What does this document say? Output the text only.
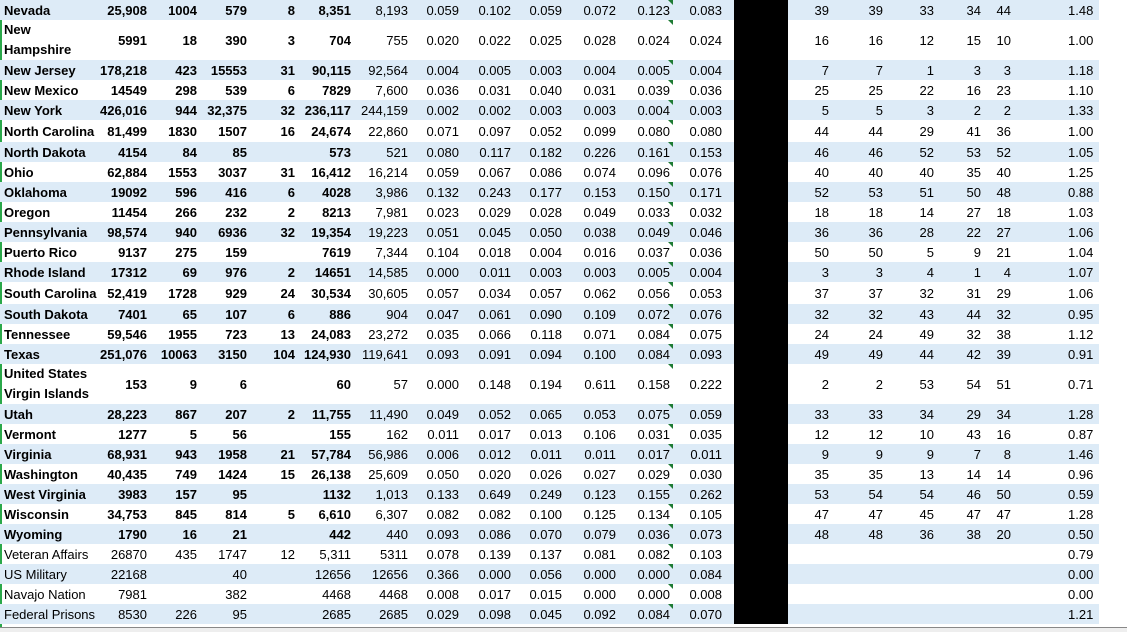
Nevada	25,908	1004	579	8	8,351	8,193	0.059	0.102	0.059	0.072	0.123	0.083			39	39	33	34	44		1.48
New Hampshire	5991	18	390	3	704	755	0.020	0.022	0.025	0.028	0.024	0.024			16	16	12	15	10		1.00
New Jersey	178,218	423	15553	31	90,115	92,564	0.004	0.005	0.003	0.004	0.005	0.004			7	7	1	3	3		1.18
New Mexico	14549	298	539	6	7829	7,600	0.036	0.031	0.040	0.031	0.039	0.036			25	25	22	16	23		1.10
New York	426,016	944	32,375	32	236,117	244,159	0.002	0.002	0.003	0.003	0.004	0.003			5	5	3	2	2		1.33
North Carolina	81,499	1830	1507	16	24,674	22,860	0.071	0.097	0.052	0.099	0.080	0.080			44	44	29	41	36		1.00
North Dakota	4154	84	85		573	521	0.080	0.117	0.182	0.226	0.161	0.153			46	46	52	53	52		1.05
Ohio	62,884	1553	3037	31	16,412	16,214	0.059	0.067	0.086	0.074	0.096	0.076			40	40	40	35	40		1.25
Oklahoma	19092	596	416	6	4028	3,986	0.132	0.243	0.177	0.153	0.150	0.171			52	53	51	50	48		0.88
Oregon	11454	266	232	2	8213	7,981	0.023	0.029	0.028	0.049	0.033	0.032			18	18	14	27	18		1.03
Pennsylvania	98,574	940	6936	32	19,354	19,223	0.051	0.045	0.050	0.038	0.049	0.046			36	36	28	22	27		1.06
Puerto Rico	9137	275	159		7619	7,344	0.104	0.018	0.004	0.016	0.037	0.036			50	50	5	9	21		1.04
Rhode Island	17312	69	976	2	14651	14,585	0.000	0.011	0.003	0.003	0.005	0.004			3	3	4	1	4		1.07
South Carolina	52,419	1728	929	24	30,534	30,605	0.057	0.034	0.057	0.062	0.056	0.053			37	37	32	31	29		1.06
South Dakota	7401	65	107	6	886	904	0.047	0.061	0.090	0.109	0.072	0.076			32	32	43	44	32		0.95
Tennessee	59,546	1955	723	13	24,083	23,272	0.035	0.066	0.118	0.071	0.084	0.075			24	24	49	32	38		1.12
Texas	251,076	10063	3150	104	124,930	119,641	0.093	0.091	0.094	0.100	0.084	0.093			49	49	44	42	39		0.91
United States Virgin Islands	153	9	6		60	57	0.000	0.148	0.194	0.611	0.158	0.222			2	2	53	54	51		0.71
Utah	28,223	867	207	2	11,755	11,490	0.049	0.052	0.065	0.053	0.075	0.059			33	33	34	29	34		1.28
Vermont	1277	5	56		155	162	0.011	0.017	0.013	0.106	0.031	0.035			12	12	10	43	16		0.87
Virginia	68,931	943	1958	21	57,784	56,986	0.006	0.012	0.011	0.011	0.017	0.011			9	9	9	7	8		1.46
Washington	40,435	749	1424	15	26,138	25,609	0.050	0.020	0.026	0.027	0.029	0.030			35	35	13	14	14		0.96
West Virginia	3983	157	95		1132	1,013	0.133	0.649	0.249	0.123	0.155	0.262			53	54	54	46	50		0.59
Wisconsin	34,753	845	814	5	6,610	6,307	0.082	0.082	0.100	0.125	0.134	0.105			47	47	45	47	47		1.28
Wyoming	1790	16	21		442	440	0.093	0.086	0.070	0.079	0.036	0.073			48	48	36	38	20		0.50
Veteran Affairs	26870	435	1747	12	5,311	5311	0.078	0.139	0.137	0.081	0.082	0.103									0.79
US Military	22168		40		12656	12656	0.366	0.000	0.056	0.000	0.000	0.084									0.00
Navajo Nation	7981		382		4468	4468	0.008	0.017	0.015	0.000	0.000	0.008									0.00
Federal Prisons	8530	226	95		2685	2685	0.029	0.098	0.045	0.092	0.084	0.070									1.21
